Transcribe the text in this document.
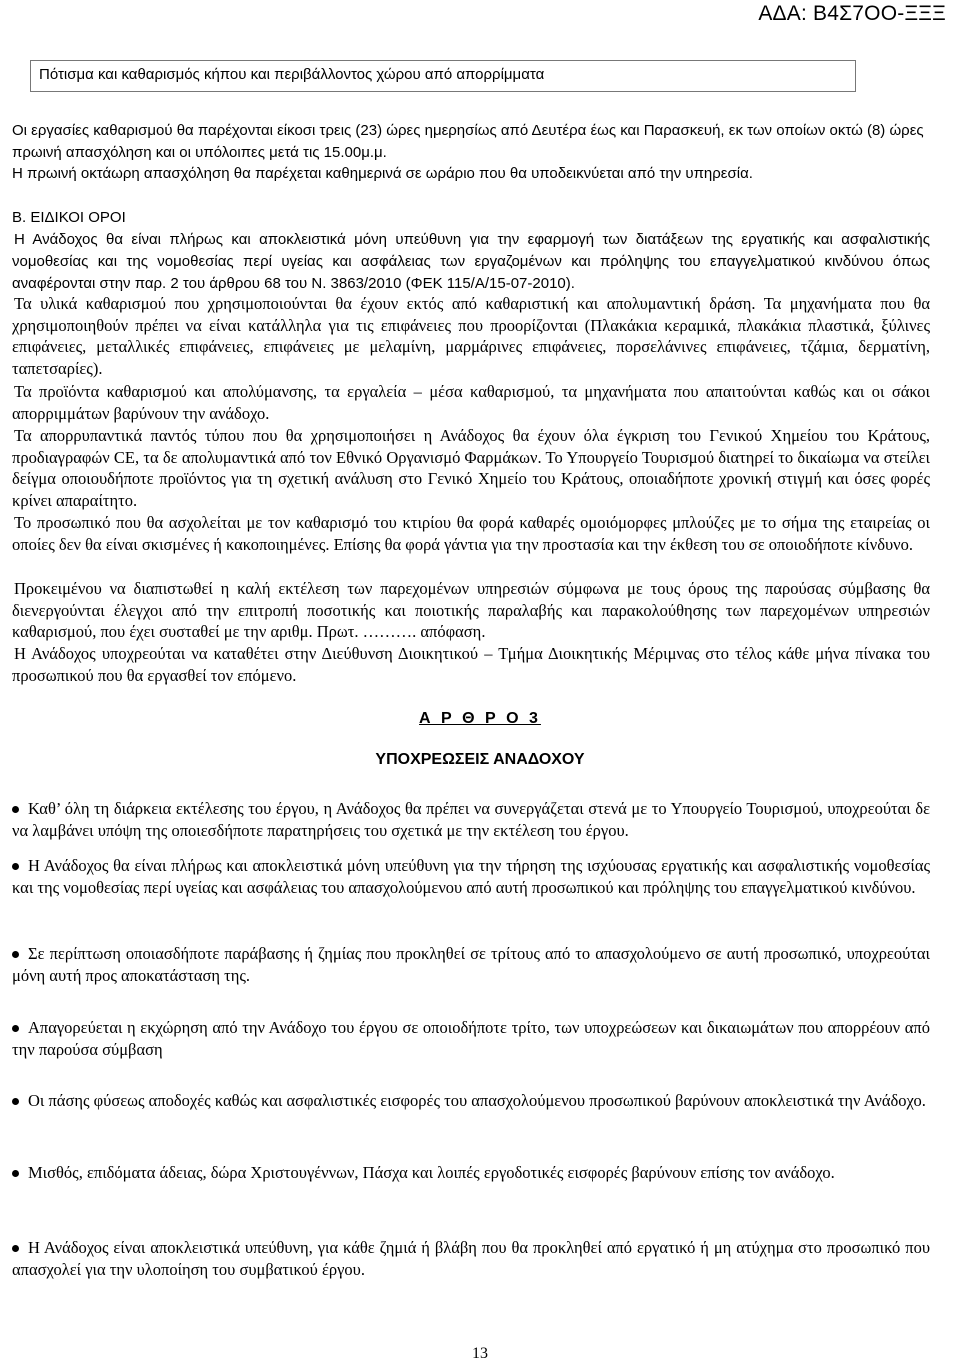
ΑΔΑ: Β4Σ7ΟΟ-ΞΞΞ
Πότισμα και καθαρισμός κήπου και περιβάλλοντος χώρου από απορρίμματα
Οι εργασίες καθαρισμού θα παρέχονται είκοσι τρεις (23) ώρες ημερησίως από Δευτέρα έως και Παρασκευή, εκ των οποίων οκτώ (8) ώρες πρωινή απασχόληση και οι υπόλοιπες μετά τις 15.00μ.μ.
Η πρωινή οκτάωρη απασχόληση θα παρέχεται καθημερινά σε ωράριο που θα υποδεικνύεται από την υπηρεσία.
Β. ΕΙΔΙΚΟΙ ΟΡΟΙ
Η Ανάδοχος θα είναι πλήρως και αποκλειστικά μόνη υπεύθυνη για την εφαρμογή των διατάξεων της εργατικής και ασφαλιστικής νομοθεσίας και της νομοθεσίας περί υγείας και ασφάλειας των εργαζομένων και πρόληψης του επαγγελματικού κινδύνου όπως αναφέρονται στην παρ. 2 του άρθρου 68 του Ν. 3863/2010 (ΦΕΚ 115/Α/15-07-2010).
Τα υλικά καθαρισμού που χρησιμοποιούνται θα έχουν εκτός από καθαριστική και απολυμαντική δράση. Τα μηχανήματα που θα χρησιμοποιηθούν πρέπει να είναι κατάλληλα για τις επιφάνειες που προορίζονται (Πλακάκια κεραμικά, πλακάκια πλαστικά, ξύλινες επιφάνειες, μεταλλικές επιφάνειες, επιφάνειες με μελαμίνη, μαρμάρινες επιφάνειες, πορσελάνινες επιφάνειες, τζάμια, δερματίνη, ταπετσαρίες).
Τα προϊόντα καθαρισμού και απολύμανσης, τα εργαλεία – μέσα καθαρισμού, τα μηχανήματα που απαιτούνται καθώς και οι σάκοι απορριμμάτων βαρύνουν την ανάδοχο.
Τα απορρυπαντικά παντός τύπου που θα χρησιμοποιήσει η Ανάδοχος θα έχουν όλα έγκριση του Γενικού Χημείου του Κράτους, προδιαγραφών CE, τα δε απολυμαντικά από τον Εθνικό Οργανισμό Φαρμάκων. Το Υπουργείο Τουρισμού διατηρεί το δικαίωμα να στείλει δείγμα οποιουδήποτε προϊόντος για τη σχετική ανάλυση στο Γενικό Χημείο του Κράτους, οποιαδήποτε χρονική στιγμή και όσες φορές κρίνει απαραίτητο.
Το προσωπικό που θα ασχολείται με τον καθαρισμό του κτιρίου θα φορά καθαρές ομοιόμορφες μπλούζες με το σήμα της εταιρείας οι οποίες δεν θα είναι σκισμένες ή κακοποιημένες. Επίσης θα φορά γάντια για την προστασία και την έκθεση του σε οποιοδήποτε κίνδυνο.
Προκειμένου να διαπιστωθεί η καλή εκτέλεση των παρεχομένων υπηρεσιών σύμφωνα με τους όρους της παρούσας σύμβασης θα διενεργούνται έλεγχοι από την επιτροπή ποσοτικής και ποιοτικής παραλαβής και παρακολούθησης των παρεχομένων υπηρεσιών καθαρισμού, που έχει συσταθεί με την αριθμ. Πρωτ. ………. απόφαση.
Η Ανάδοχος υποχρεούται να καταθέτει στην Διεύθυνση Διοικητικού – Τμήμα Διοικητικής Μέριμνας στο τέλος κάθε μήνα πίνακα του προσωπικού που θα εργασθεί τον επόμενο.
Α Ρ Θ Ρ Ο 3
ΥΠΟΧΡΕΩΣΕΙΣ ΑΝΑΔΟΧΟΥ
Καθ’ όλη τη διάρκεια εκτέλεσης του έργου, η Ανάδοχος θα πρέπει να συνεργάζεται στενά με το Υπουργείο Τουρισμού, υποχρεούται δε να λαμβάνει υπόψη της οποιεσδήποτε παρατηρήσεις του σχετικά με την εκτέλεση του έργου.
Η Ανάδοχος θα είναι πλήρως και αποκλειστικά μόνη υπεύθυνη για την τήρηση της ισχύουσας εργατικής και ασφαλιστικής νομοθεσίας και της νομοθεσίας περί υγείας και ασφάλειας του απασχολούμενου από αυτή προσωπικού και πρόληψης του επαγγελματικού κινδύνου.
Σε περίπτωση οποιασδήποτε παράβασης ή ζημίας που προκληθεί σε τρίτους από το απασχολούμενο σε αυτή προσωπικό, υποχρεούται μόνη αυτή προς αποκατάσταση της.
Απαγορεύεται η εκχώρηση από την Ανάδοχο του έργου σε οποιοδήποτε τρίτο, των υποχρεώσεων και δικαιωμάτων που απορρέουν από την παρούσα σύμβαση
Οι πάσης φύσεως αποδοχές καθώς και ασφαλιστικές εισφορές του απασχολούμενου προσωπικού βαρύνουν αποκλειστικά την Ανάδοχο.
Μισθός, επιδόματα άδειας, δώρα Χριστουγέννων, Πάσχα και λοιπές εργοδοτικές εισφορές βαρύνουν επίσης τον ανάδοχο.
Η Ανάδοχος είναι αποκλειστικά υπεύθυνη, για κάθε ζημιά ή βλάβη που θα προκληθεί από εργατικό ή μη ατύχημα στο προσωπικό που απασχολεί για την υλοποίηση του συμβατικού έργου.
13
